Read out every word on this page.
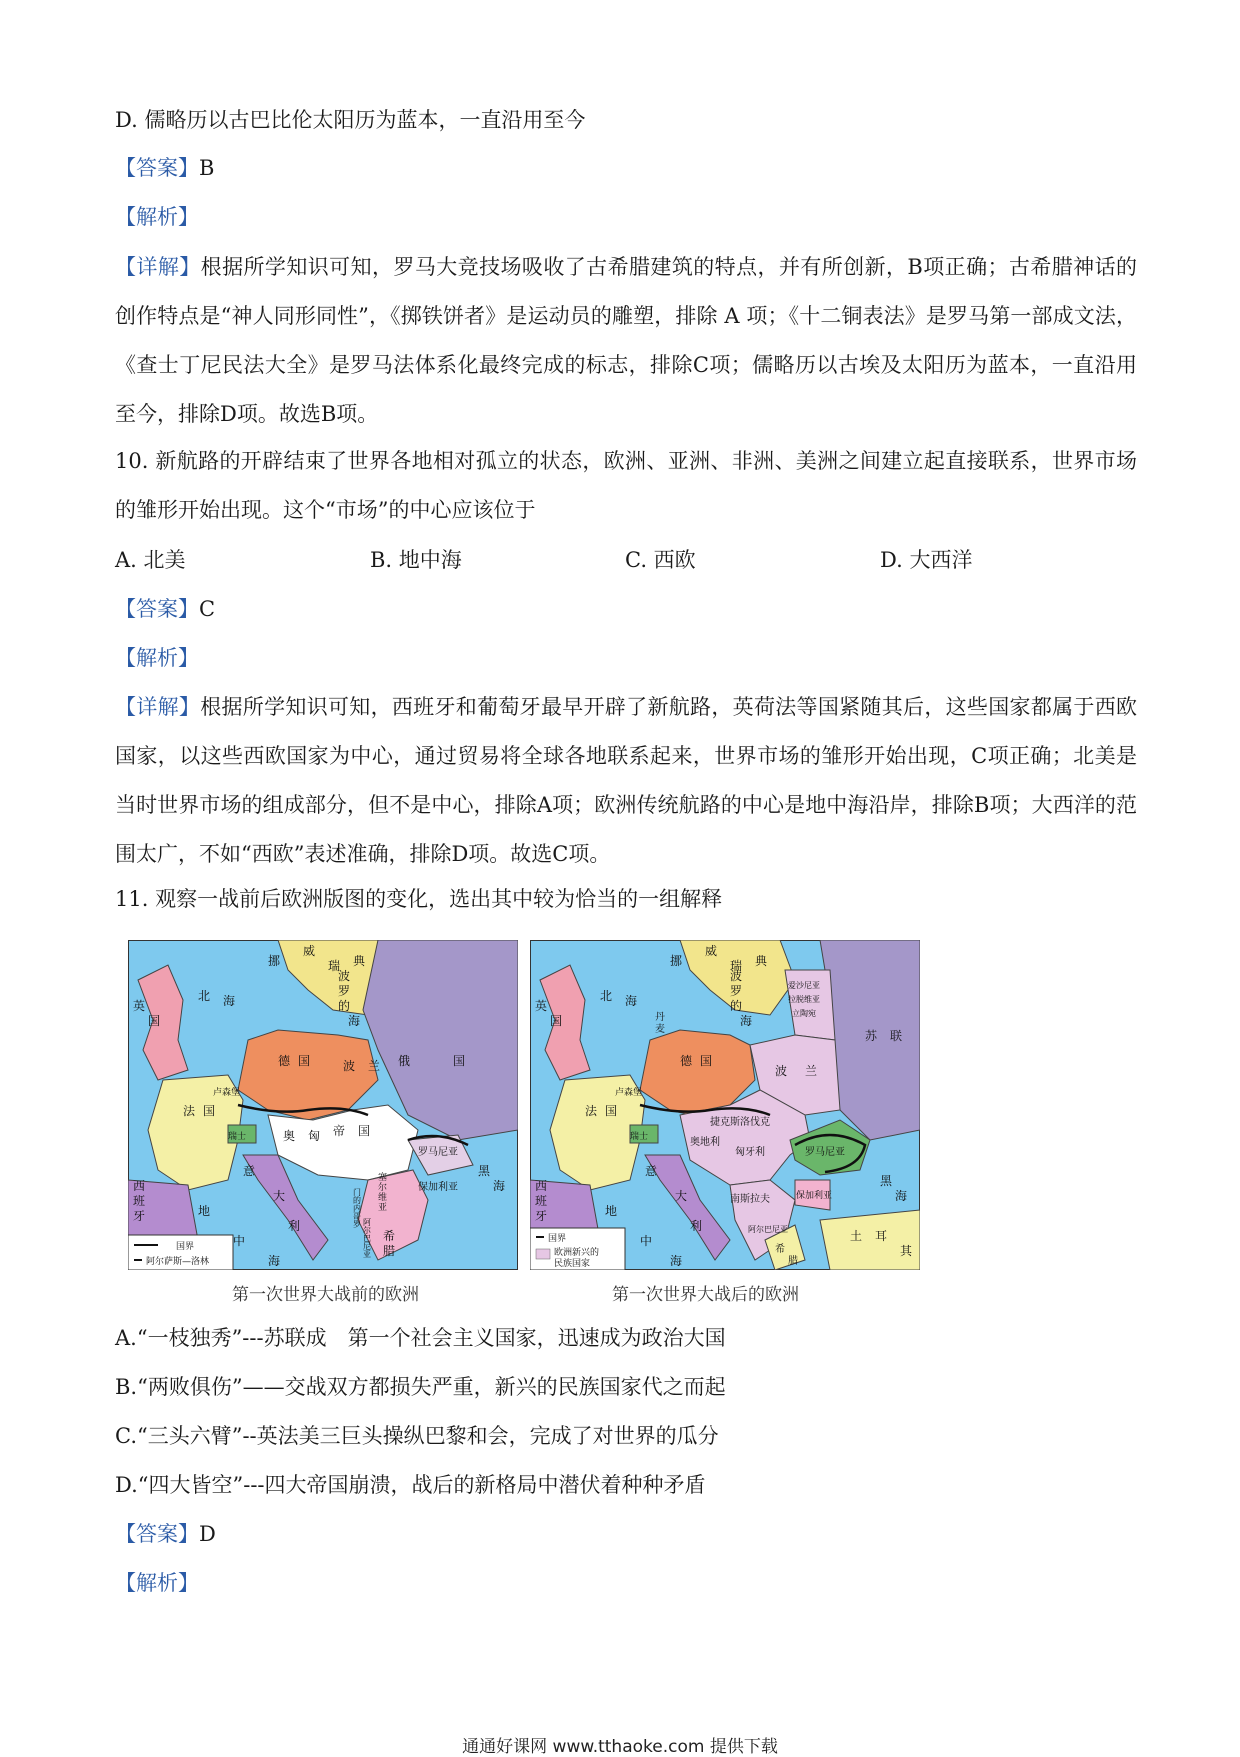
D. 儒略历以古巴比伦太阳历为蓝本，一直沿用至今
【答案】B
【解析】
【详解】根据所学知识可知，罗马大竞技场吸收了古希腊建筑的特点，并有所创新，B项正确；古希腊神话的创作特点是“神人同形同性”，《掷铁饼者》是运动员的雕塑，排除 A 项；《十二铜表法》是罗马第一部成文法，《查士丁尼民法大全》是罗马法体系化最终完成的标志，排除C项；儒略历以古埃及太阳历为蓝本，一直沿用至今，排除D项。故选B项。
10. 新航路的开辟结束了世界各地相对孤立的状态，欧洲、亚洲、非洲、美洲之间建立起直接联系，世界市场的雏形开始出现。这个“市场”的中心应该位于
A. 北美	B. 地中海	C. 西欧	D. 大西洋
【答案】C
【解析】
【详解】根据所学知识可知，西班牙和葡萄牙最早开辟了新航路，英荷法等国紧随其后，这些国家都属于西欧国家，以这些西欧国家为中心，通过贸易将全球各地联系起来，世界市场的雏形开始出现，C项正确；北美是当时世界市场的组成部分，但不是中心，排除A项；欧洲传统航路的中心是地中海沿岸，排除B项；大西洋的范围太广，不如“西欧”表述准确，排除D项。故选C项。
11. 观察一战前后欧洲版图的变化，选出其中较为恰当的一组解释
挪
威
瑞 典
北 海
英
国
波
罗
的
海
德 国	波 兰 俄	国
法 国
卢森堡
瑞士	奥 匈 帝 国
罗马尼亚
黑
海
保加利亚
意
大
利
地
中
海
西
班
牙
希
腊
塞
尔
维
亚
门
的
内
哥
罗 阿
尔
巴
尼
亚
国界
阿尔萨斯—洛林
第一次世界大战前的欧洲
挪
威
瑞 典
北 海
英
国	丹
麦
波
罗
的
海
爱沙尼亚
拉脱维亚
立陶宛
德 国
苏 联
法 国
卢森堡
瑞士
波 兰
捷克斯洛伐克
奥地利
匈牙利	罗马尼亚
黑
海
南斯拉夫	保加利亚
意
大
利
地
中
海
西
班
牙
希
腊
阿尔巴尼亚	土 耳
其
国界
欧洲新兴的
民族国家
第一次世界大战后的欧洲
A.“一枝独秀”---苏联成　第一个社会主义国家，迅速成为政治大国
B.“两败俱伤”——交战双方都损失严重，新兴的民族国家代之而起
C.“三头六臂”--英法美三巨头操纵巴黎和会，完成了对世界的瓜分
D.“四大皆空”---四大帝国崩溃，战后的新格局中潜伏着种种矛盾
【答案】D
【解析】
通通好课网 www.tthaoke.com 提供下载
